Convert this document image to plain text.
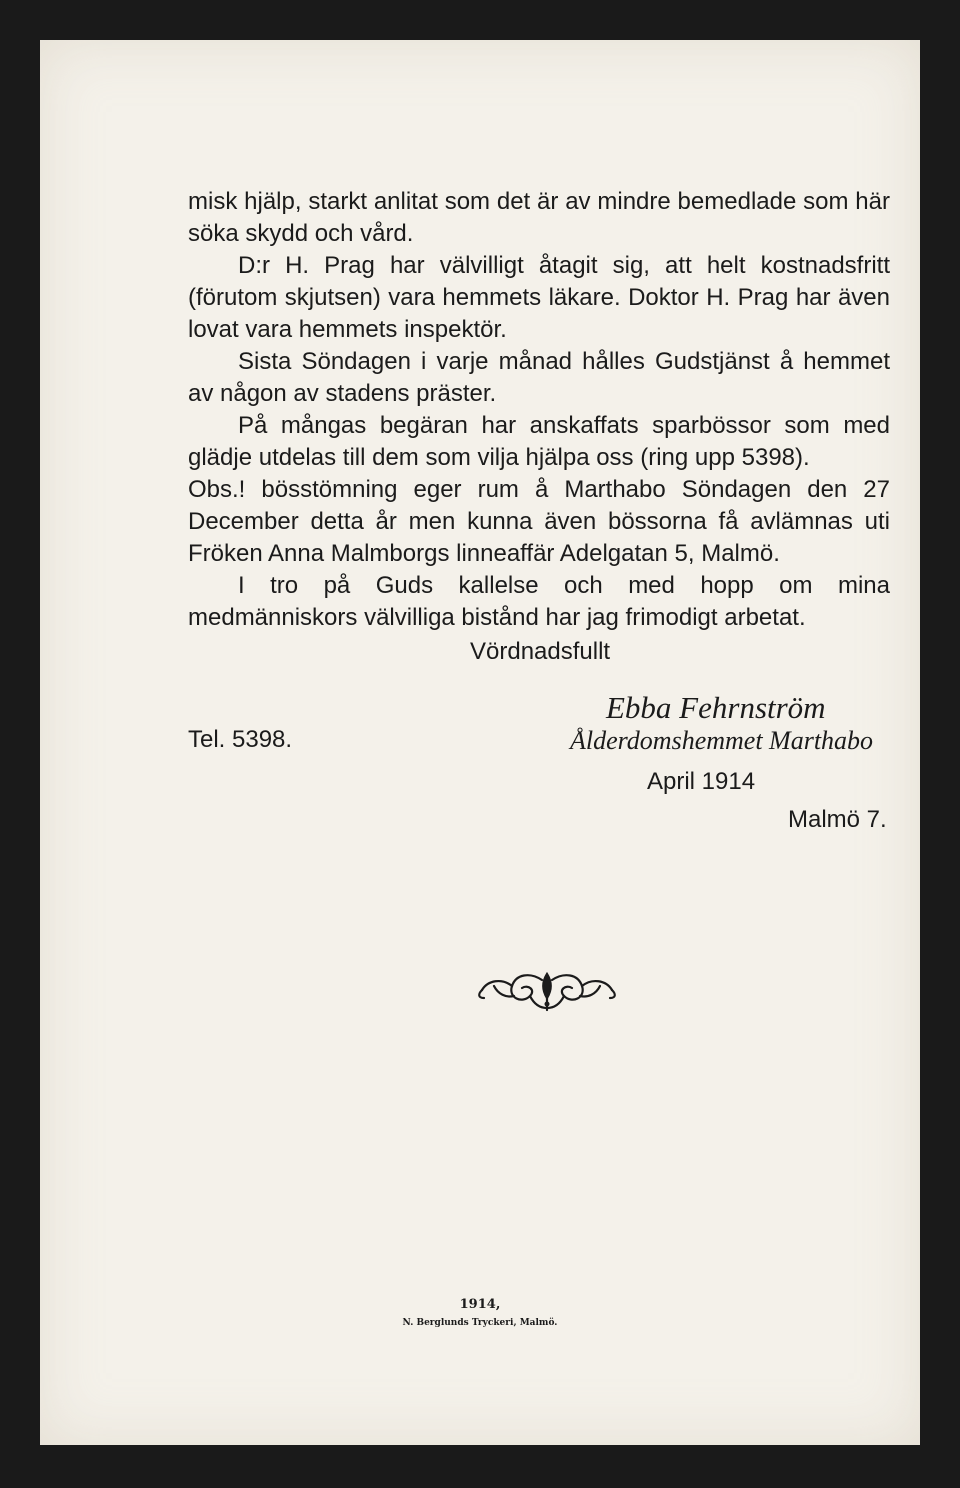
misk hjälp, starkt anlitat som det är av mindre bemedlade som här söka skydd och vård.

D:r H. Prag har välvilligt åtagit sig, att helt kostnadsfritt (förutom skjutsen) vara hemmets läkare. Doktor H. Prag har även lovat vara hemmets inspektör.

Sista Söndagen i varje månad hålles Gudstjänst å hemmet av någon av stadens präster.

På mångas begäran har anskaffats sparbössor som med glädje utdelas till dem som vilja hjälpa oss (ring upp 5398).

Obs.! bösstömning eger rum å Marthabo Söndagen den 27 December detta år men kunna även bössorna få avlämnas uti Fröken Anna Malmborgs linneaffär Adelgatan 5, Malmö.

I tro på Guds kallelse och med hopp om mina medmänniskors välvilliga bistånd har jag frimodigt arbetat.

Vördnadsfullt
Ebba Fehrnström
Tel. 5398.	Ålderdomshemmet Marthabo
April 1914
Malmö 7.
1914,
N. Berglunds Tryckeri, Malmö.
